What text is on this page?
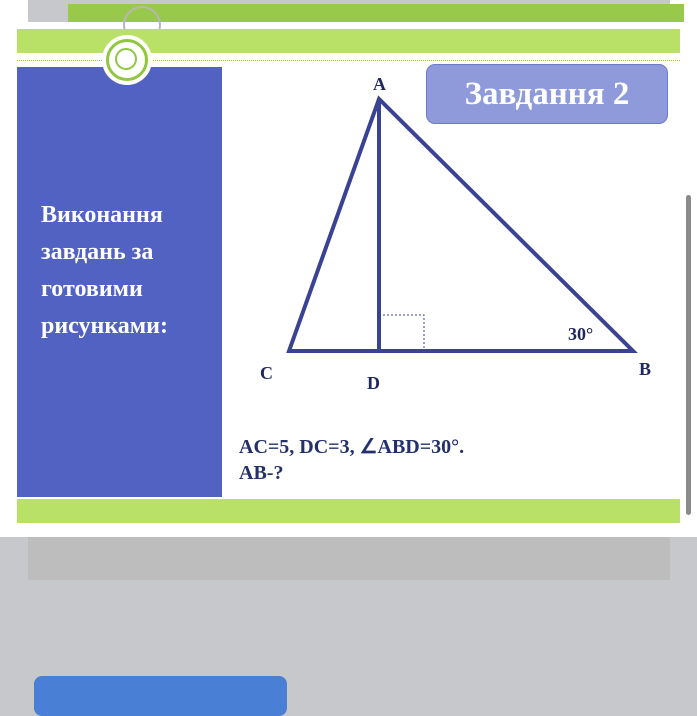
Виконання
завдань за
готовими
рисунками:
Завдання 2
A
B
C	D
30°
AC=5, DC=3, ∠ABD=30°.
AB-?
